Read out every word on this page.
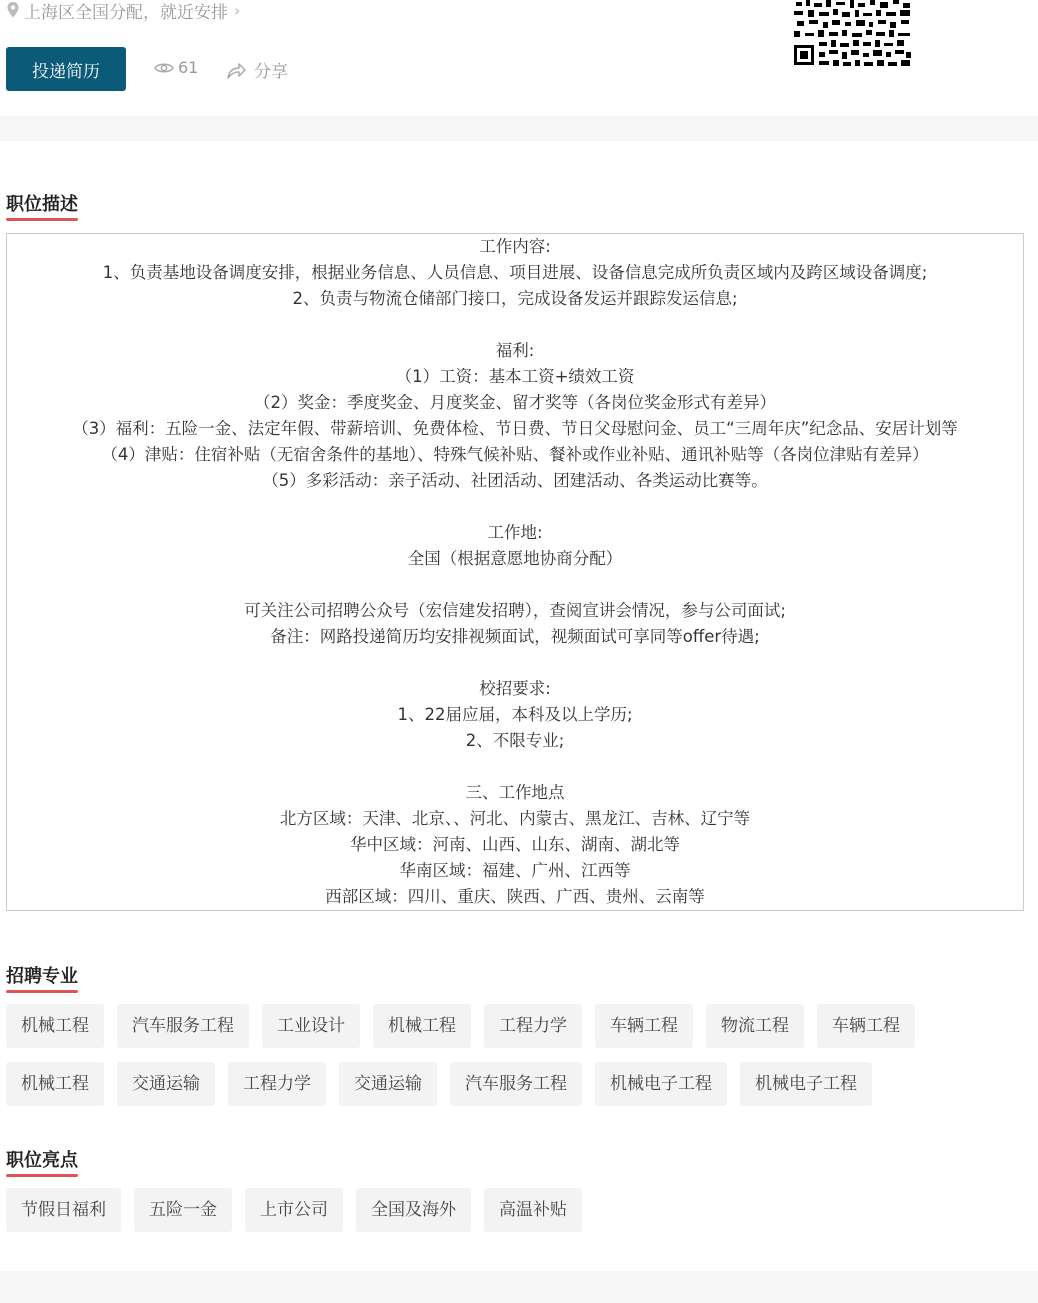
上海区全国分配，就近安排 ›
投递简历	61	分享
职位描述
工作内容:
1、负责基地设备调度安排，根据业务信息、人员信息、项目进展、设备信息完成所负责区域内及跨区域设备调度;
2、负责与物流仓储部门接口，完成设备发运并跟踪发运信息;
福利:
（1）工资：基本工资+绩效工资
（2）奖金：季度奖金、月度奖金、留才奖等（各岗位奖金形式有差异）
（3）福利：五险一金、法定年假、带薪培训、免费体检、节日费、节日父母慰问金、员工“三周年庆”纪念品、安居计划等
（4）津贴：住宿补贴（无宿舍条件的基地）、特殊气候补贴、餐补或作业补贴、通讯补贴等（各岗位津贴有差异）
（5）多彩活动：亲子活动、社团活动、团建活动、各类运动比赛等。
工作地:
全国（根据意愿地协商分配）
可关注公司招聘公众号（宏信建发招聘），查阅宣讲会情况，参与公司面试;
备注：网路投递简历均安排视频面试，视频面试可享同等offer待遇;
校招要求:
1、22届应届，本科及以上学历;
2、不限专业;
三、工作地点
北方区域：天津、北京、、河北、内蒙古、黑龙江、吉林、辽宁等
华中区域：河南、山西、山东、湖南、湖北等
华南区域：福建、广州、江西等
西部区域：四川、重庆、陕西、广西、贵州、云南等
招聘专业
机械工程	汽车服务工程	工业设计	机械工程	工程力学	车辆工程	物流工程	车辆工程
机械工程	交通运输	工程力学	交通运输	汽车服务工程	机械电子工程	机械电子工程
职位亮点
节假日福利	五险一金	上市公司	全国及海外	高温补贴
